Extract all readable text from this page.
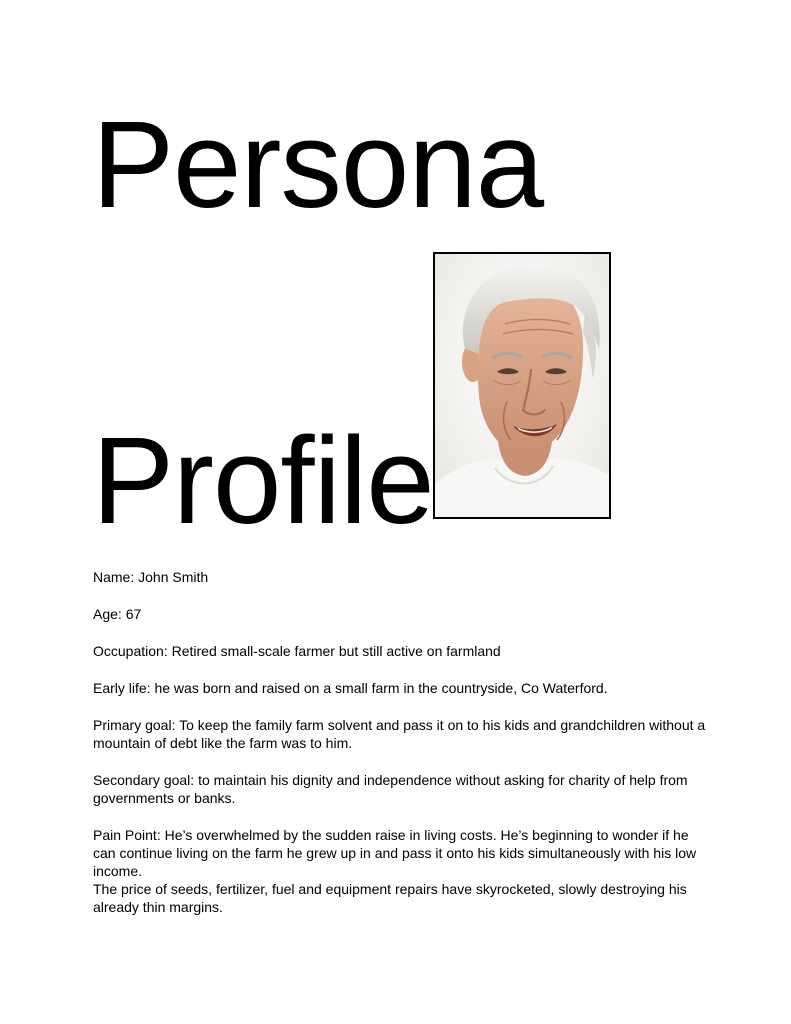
Persona
Profile

Name: John Smith

Age: 67

Occupation: Retired small-scale farmer but still active on farmland

Early life: he was born and raised on a small farm in the countryside, Co Waterford.

Primary goal: To keep the family farm solvent and pass it on to his kids and grandchildren without a mountain of debt like the farm was to him.

Secondary goal: to maintain his dignity and independence without asking for charity of help from governments or banks.

Pain Point: He’s overwhelmed by the sudden raise in living costs. He’s beginning to wonder if he can continue living on the farm he grew up in and pass it onto his kids simultaneously with his low income.

The price of seeds, fertilizer, fuel and equipment repairs have skyrocketed, slowly destroying his already thin margins.
